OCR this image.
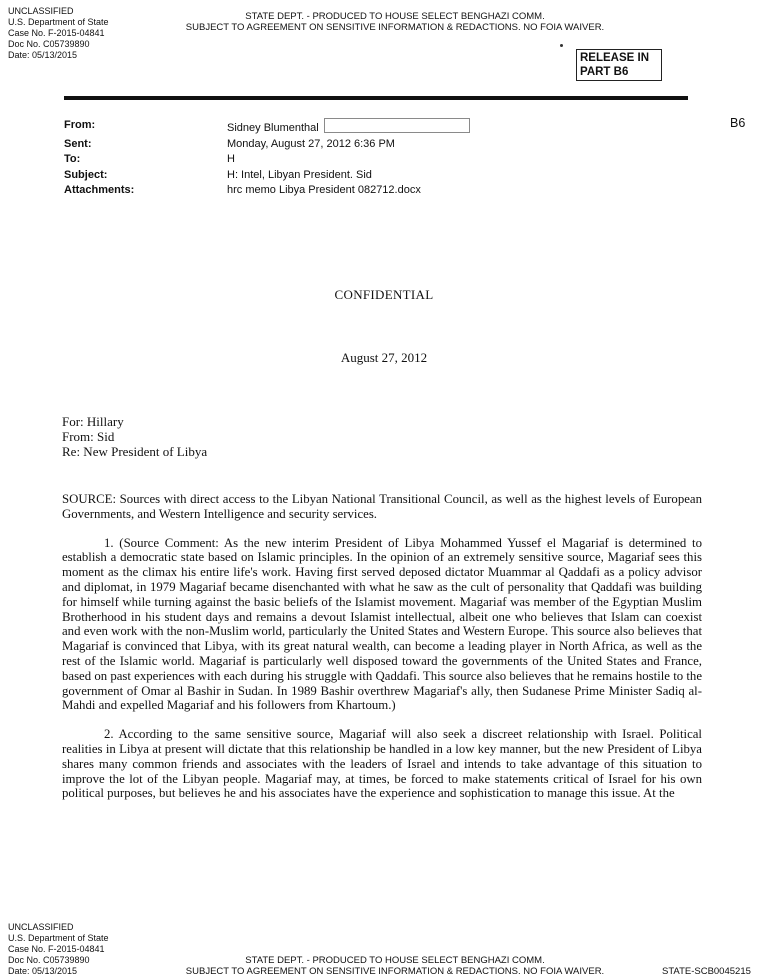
UNCLASSIFIED
U.S. Department of State
Case No. F-2015-04841
Doc No. C05739890
Date: 05/13/2015
STATE DEPT. - PRODUCED TO HOUSE SELECT BENGHAZI COMM.
SUBJECT TO AGREEMENT ON SENSITIVE INFORMATION & REDACTIONS. NO FOIA WAIVER.
RELEASE IN
PART B6
From:	Sidney Blumenthal
Sent:	Monday, August 27, 2012 6:36 PM
To:	H
Subject:	H: Intel, Libyan President. Sid
Attachments:	hrc memo Libya President 082712.docx
B6
CONFIDENTIAL
August 27, 2012
For: Hillary
From: Sid
Re: New President of Libya

SOURCE: Sources with direct access to the Libyan National Transitional Council, as well as the highest levels of European Governments, and Western Intelligence and security services.

1. (Source Comment: As the new interim President of Libya Mohammed Yussef el Magariaf is determined to establish a democratic state based on Islamic principles. In the opinion of an extremely sensitive source, Magariaf sees this moment as the climax his entire life's work. Having first served deposed dictator Muammar al Qaddafi as a policy advisor and diplomat, in 1979 Magariaf became disenchanted with what he saw as the cult of personality that Qaddafi was building for himself while turning against the basic beliefs of the Islamist movement. Magariaf was member of the Egyptian Muslim Brotherhood in his student days and remains a devout Islamist intellectual, albeit one who believes that Islam can coexist and even work with the non-Muslim world, particularly the United States and Western Europe. This source also believes that Magariaf is convinced that Libya, with its great natural wealth, can become a leading player in North Africa, as well as the rest of the Islamic world. Magariaf is particularly well disposed toward the governments of the United States and France, based on past experiences with each during his struggle with Qaddafi. This source also believes that he remains hostile to the government of Omar al Bashir in Sudan. In 1989 Bashir overthrew Magariaf's ally, then Sudanese Prime Minister Sadiq al-Mahdi and expelled Magariaf and his followers from Khartoum.)

2. According to the same sensitive source, Magariaf will also seek a discreet relationship with Israel. Political realities in Libya at present will dictate that this relationship be handled in a low key manner, but the new President of Libya shares many common friends and associates with the leaders of Israel and intends to take advantage of this situation to improve the lot of the Libyan people. Magariaf may, at times, be forced to make statements critical of Israel for his own political purposes, but believes he and his associates have the experience and sophistication to manage this issue. At the

UNCLASSIFIED
U.S. Department of State
Case No. F-2015-04841
Doc No. C05739890
Date: 05/13/2015
STATE DEPT. - PRODUCED TO HOUSE SELECT BENGHAZI COMM.
SUBJECT TO AGREEMENT ON SENSITIVE INFORMATION & REDACTIONS. NO FOIA WAIVER.	STATE-SCB0045215
